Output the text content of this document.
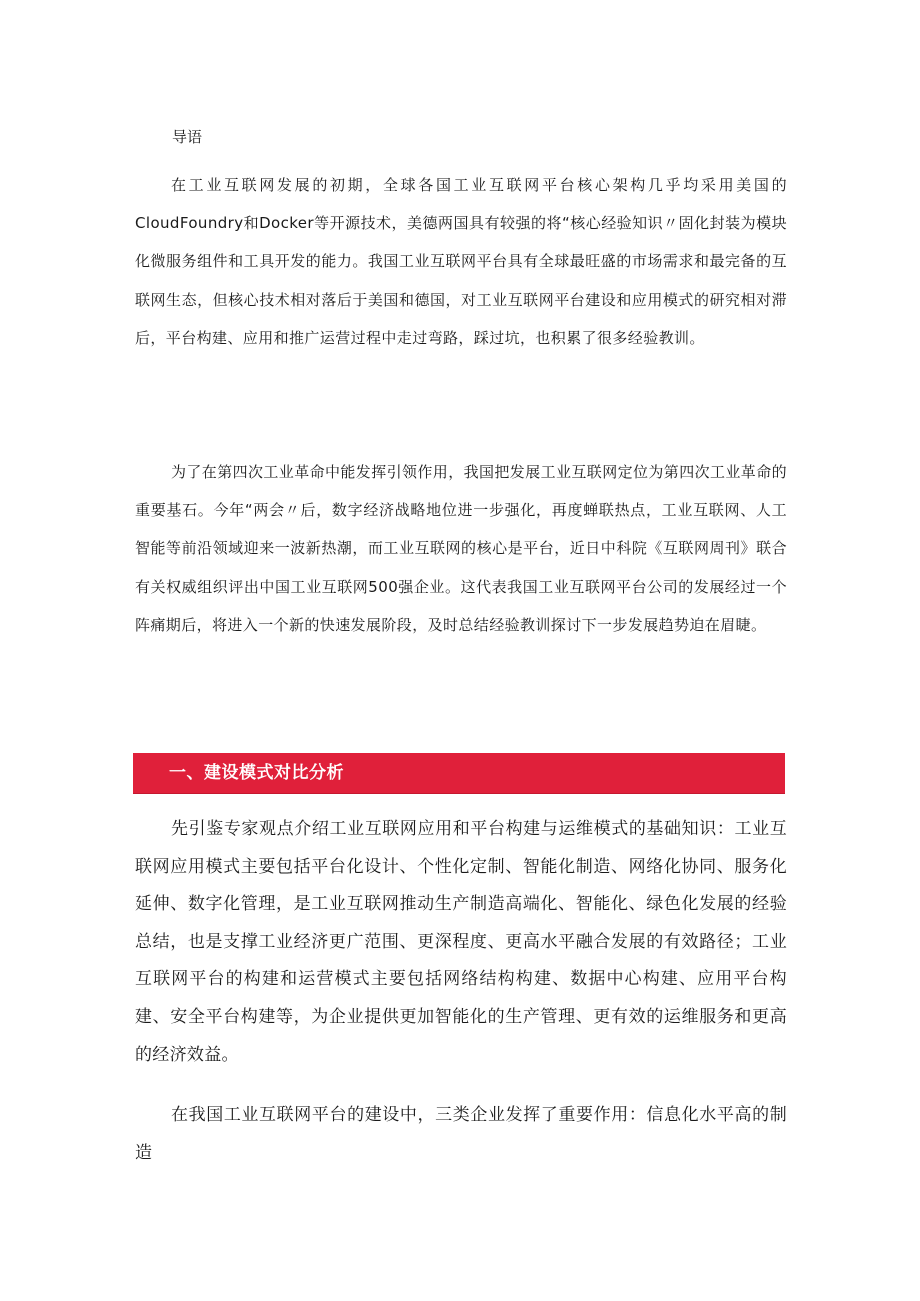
导语

在工业互联网发展的初期，全球各国工业互联网平台核心架构几乎均采用美国的CloudFoundry和Docker等开源技术，美德两国具有较强的将“核心经验知识〃固化封装为模块化微服务组件和工具开发的能力。我国工业互联网平台具有全球最旺盛的市场需求和最完备的互联网生态，但核心技术相对落后于美国和德国，对工业互联网平台建设和应用模式的研究相对滞后，平台构建、应用和推广运营过程中走过弯路，踩过坑，也积累了很多经验教训。

为了在第四次工业革命中能发挥引领作用，我国把发展工业互联网定位为第四次工业革命的重要基石。今年“两会〃后，数字经济战略地位进一步强化，再度蝉联热点，工业互联网、人工智能等前沿领域迎来一波新热潮，而工业互联网的核心是平台，近日中科院《互联网周刊》联合有关权威组织评出中国工业互联网500强企业。这代表我国工业互联网平台公司的发展经过一个阵痛期后，将进入一个新的快速发展阶段，及时总结经验教训探讨下一步发展趋势迫在眉睫。

一、建设模式对比分析

先引鉴专家观点介绍工业互联网应用和平台构建与运维模式的基础知识：工业互联网应用模式主要包括平台化设计、个性化定制、智能化制造、网络化协同、服务化延伸、数字化管理，是工业互联网推动生产制造高端化、智能化、绿色化发展的经验总结，也是支撑工业经济更广范围、更深程度、更高水平融合发展的有效路径；工业互联网平台的构建和运营模式主要包括网络结构构建、数据中心构建、应用平台构建、安全平台构建等，为企业提供更加智能化的生产管理、更有效的运维服务和更高的经济效益。

在我国工业互联网平台的建设中，三类企业发挥了重要作用：信息化水平高的制造
